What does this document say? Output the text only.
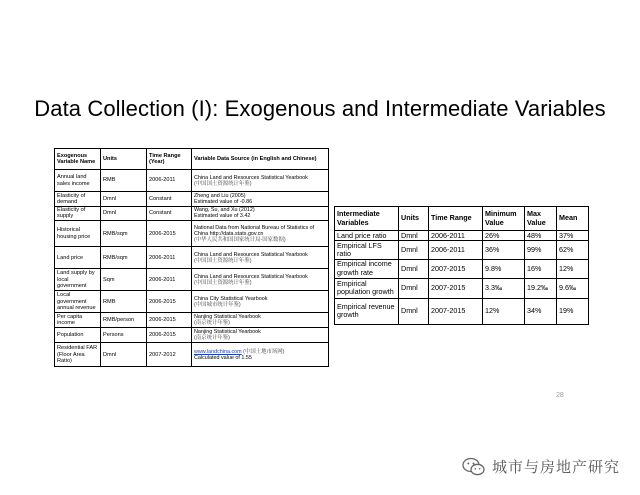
Data Collection (I): Exogenous and Intermediate Variables
Exogenous Variable Name	Units	Time Range (Year)	Variable Data Source (in English and Chinese)
Annual land sales income	RMB	2006-2011	China Land and Resources Statistical Yearbook
(中国国土资源统计年鉴)
Elasticity of demand	Dmnl	Constant	Zheng and Liu (2005)
Estimated value of -0.86
Elasticity of supply	Dmnl	Constant	Wang, Su, and Xu (2012)
Estimated value of 3.42
Historical housing price	RMB/sqm	2006-2015	National Data from National Bureau of Statistics of China http://data.stats.gov.cn
(中华人民共和国国家统计局-国家数据)
Land price	RMB/sqm	2006-2011	China Land and Resources Statistical Yearbook
(中国国土资源统计年鉴)
Land supply by local government	Sqm	2006-2011	China Land and Resources Statistical Yearbook
(中国国土资源统计年鉴)
Local government annual revenue	RMB	2006-2015	China City Statistical Yearbook
(中国城市统计年鉴)
Per capita income	RMB/person	2006-2015	Nanjing Statistical Yearbook
(南京统计年鉴)
Population	Persons	2006-2015	Nanjing Statistical Yearbook
(南京统计年鉴)
Residential FAR (Floor Area Ratio)	Dmnl	2007-2012	www.landchina.com (中国土地市场网)
Calculated value of 1.55
Intermediate Variables	Units	Time Range	Minimum Value	Max Value	Mean
Land price ratio	Dmnl	2006-2011	26%	48%	37%
Empirical LFS ratio	Dmnl	2006-2011	36%	99%	62%
Empirical income growth rate	Dmnl	2007-2015	9.8%	16%	12%
Empirical population growth	Dmnl	2007-2015	3.3‰	19.2‰	9.6‰
Empirical revenue growth	Dmnl	2007-2015	12%	34%	19%
28
城市与房地产研究
